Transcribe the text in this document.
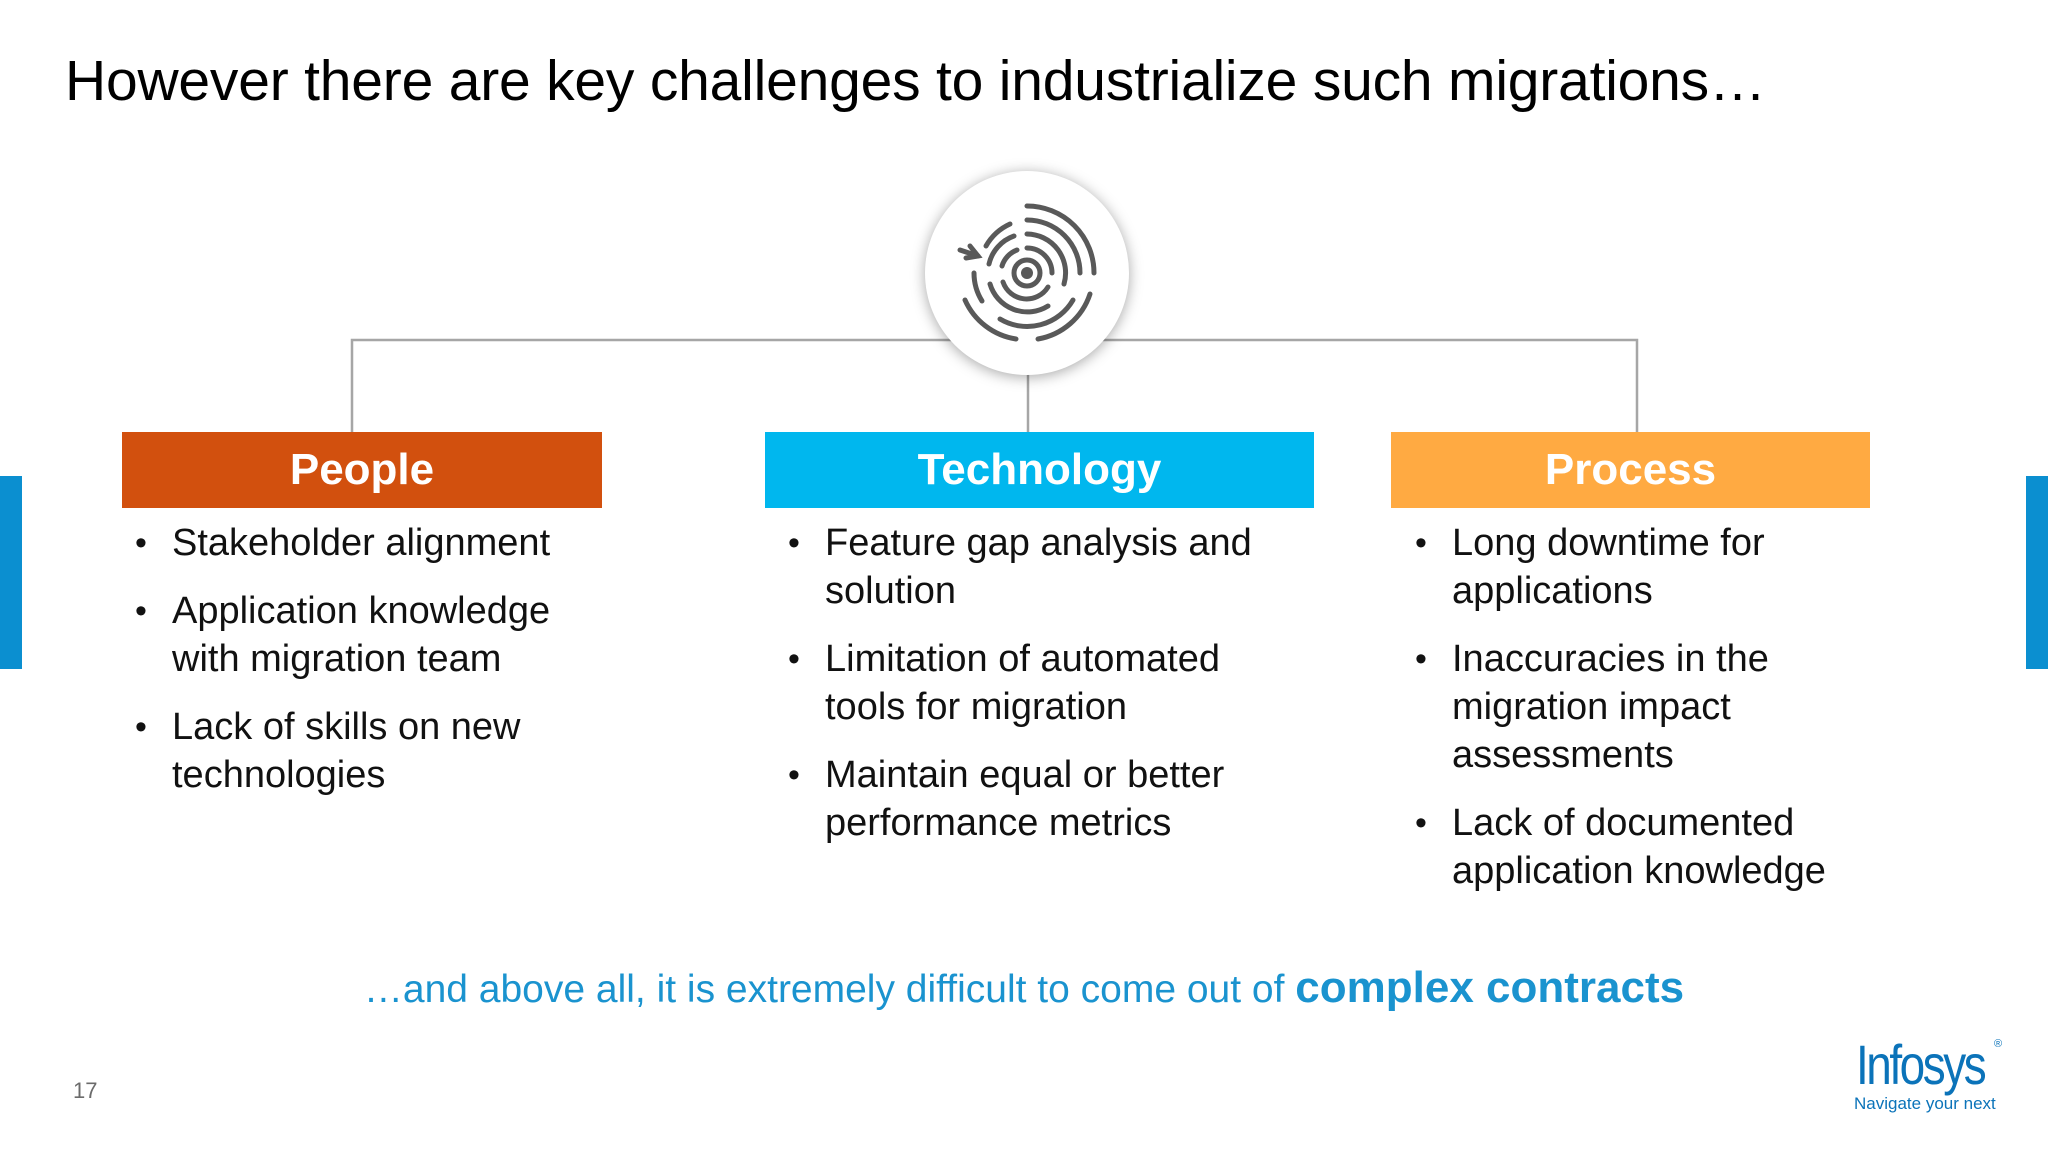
However there are key challenges to industrialize such migrations…
People	Technology	Process
• Stakeholder alignment
• Application knowledge with migration team
• Lack of skills on new technologies
• Feature gap analysis and solution
• Limitation of automated tools for migration
• Maintain equal or better performance metrics
• Long downtime for applications
• Inaccuracies in the migration impact assessments
• Lack of documented application knowledge
…and above all, it is extremely difficult to come out of complex contracts
17	Infosys ®
Navigate your next
